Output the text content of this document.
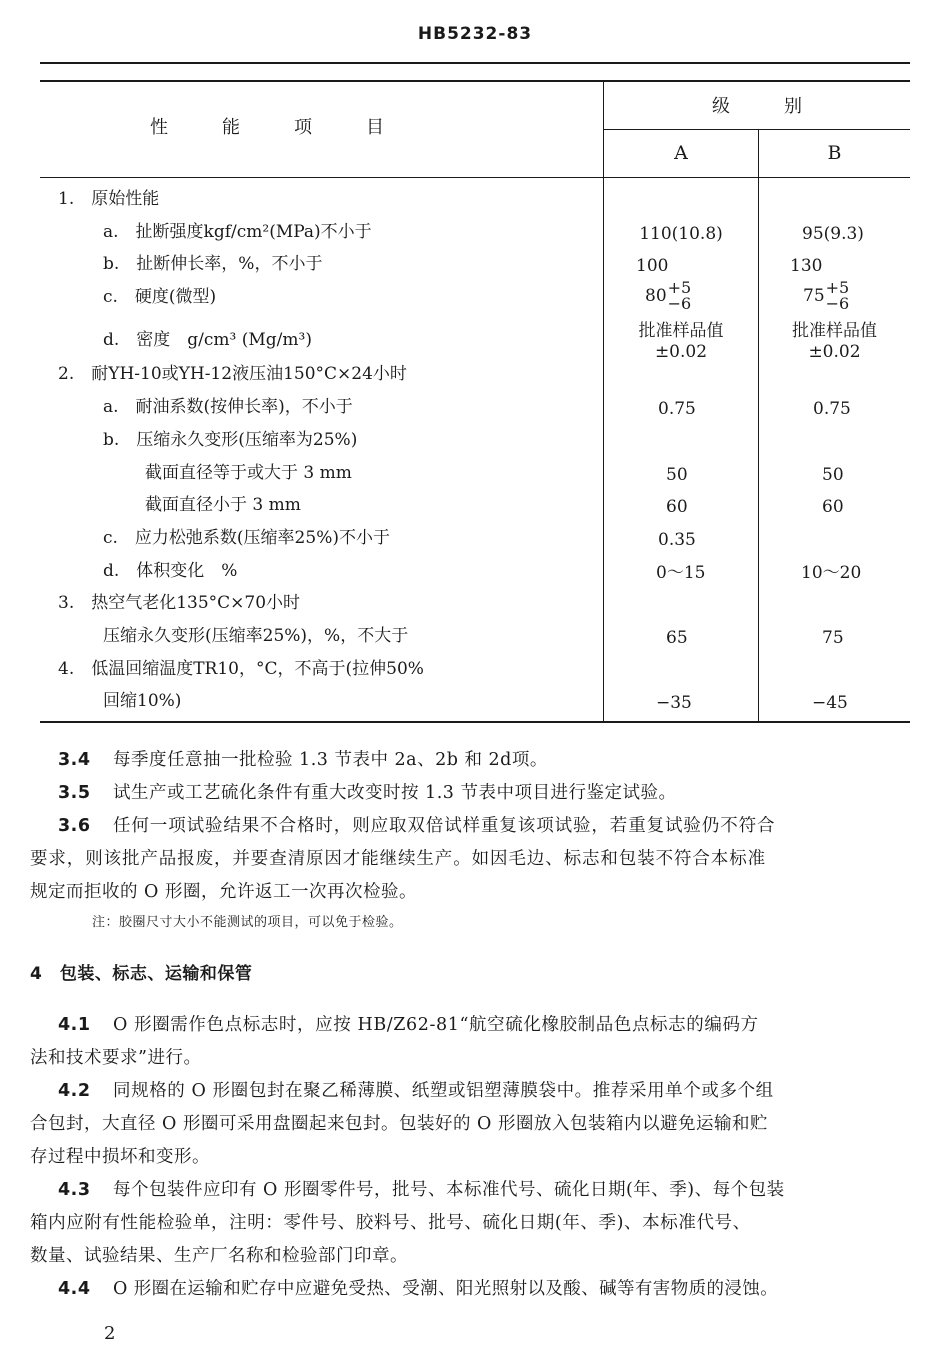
HB5232-83
性　　　能　　　项　　　目
级　　　别
A	B
1.　原始性能
a.　扯断强度kgf/cm²(MPa)不小于
b.　扯断伸长率，%，不小于
c.　硬度(微型)
d.　密度　g/cm³ (Mg/m³)
2.　耐YH-10或YH-12液压油150°C×24小时
a.　耐油系数(按伸长率)，不小于
b.　压缩永久变形(压缩率为25%)
截面直径等于或大于 3 mm
截面直径小于 3 mm
c.　应力松弛系数(压缩率25%)不小于
d.　体积变化　%
3.　热空气老化135°C×70小时
压缩永久变形(压缩率25%)，%，不大于
4.　低温回缩温度TR10，°C，不高于(拉伸50%
回缩10%)
110(10.8)
100
80 +5
−6
批准样品值
±0.02
0.75
50
60
0.35
0～15
65
−35
95(9.3)
130
75 +5
−6
批准样品值
±0.02
0.75
50
60
10～20
75
−45
3.4 每季度任意抽一批检验 1.3 节表中 2a、2b 和 2d项。
3.5 试生产或工艺硫化条件有重大改变时按 1.3 节表中项目进行鉴定试验。
3.6 任何一项试验结果不合格时，则应取双倍试样重复该项试验，若重复试验仍不符合
要求，则该批产品报废，并要查清原因才能继续生产。如因毛边、标志和包装不符合本标准
规定而拒收的 O 形圈，允许返工一次再次检验。
注：胶圈尺寸大小不能测试的项目，可以免于检验。
4　包装、标志、运输和保管
4.1 O 形圈需作色点标志时，应按 HB/Z62-81“航空硫化橡胶制品色点标志的编码方
法和技术要求”进行。
4.2 同规格的 O 形圈包封在聚乙稀薄膜、纸塑或铝塑薄膜袋中。推荐采用单个或多个组
合包封，大直径 O 形圈可采用盘圈起来包封。包装好的 O 形圈放入包装箱内以避免运输和贮
存过程中损坏和变形。
4.3 每个包装件应印有 O 形圈零件号，批号、本标准代号、硫化日期(年、季)、每个包装
箱内应附有性能检验单，注明：零件号、胶料号、批号、硫化日期(年、季)、本标准代号、
数量、试验结果、生产厂名称和检验部门印章。
4.4 O 形圈在运输和贮存中应避免受热、受潮、阳光照射以及酸、碱等有害物质的浸蚀。
2
